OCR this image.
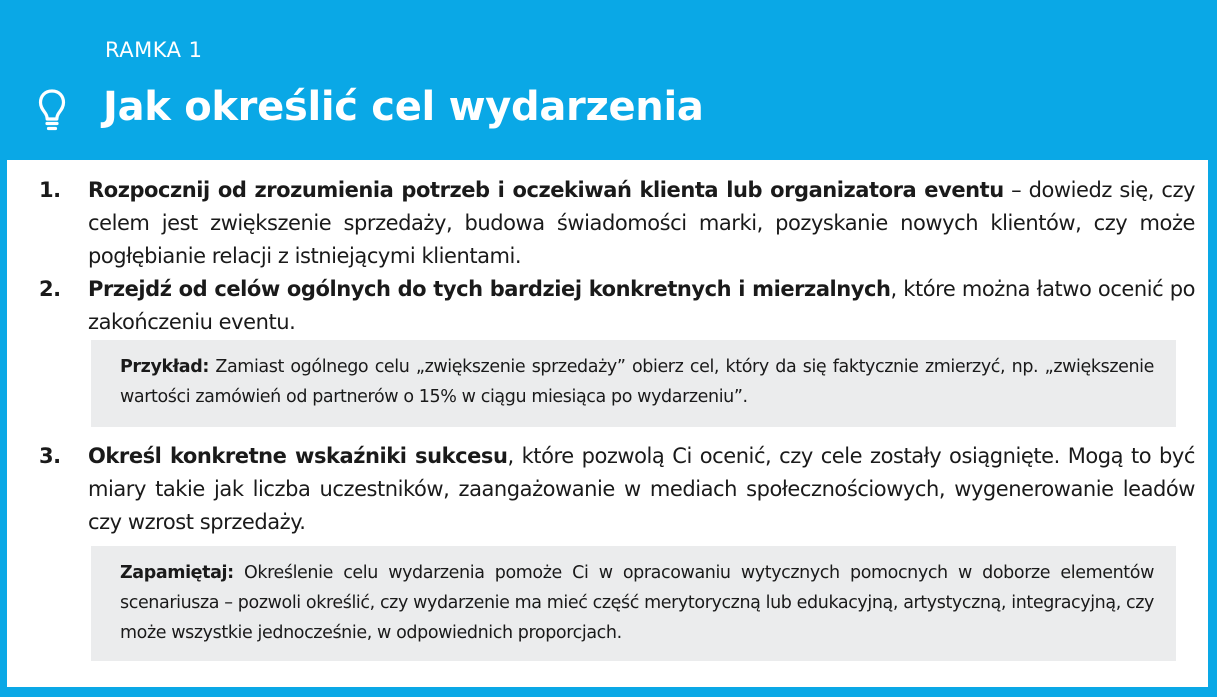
RAMKA 1
Jak określić cel wydarzenia
1.	Rozpocznij od zrozumienia potrzeb i oczekiwań klienta lub organizatora eventu – dowiedz się, czy celem jest zwiększenie sprzedaży, budowa świadomości marki, pozyskanie nowych klientów, czy może pogłębianie relacji z istniejącymi klientami.
2.	Przejdź od celów ogólnych do tych bardziej konkretnych i mierzalnych, które można łatwo ocenić po zakończeniu eventu.
Przykład: Zamiast ogólnego celu „zwiększenie sprzedaży” obierz cel, który da się faktycznie zmierzyć, np. „zwiększenie wartości zamówień od partnerów o 15% w ciągu miesiąca po wydarzeniu”.
3.	Określ konkretne wskaźniki sukcesu, które pozwolą Ci ocenić, czy cele zostały osiągnięte. Mogą to być miary takie jak liczba uczestników, zaangażowanie w mediach społecznościowych, wygenerowanie leadów czy wzrost sprzedaży.
Zapamiętaj: Określenie celu wydarzenia pomoże Ci w opracowaniu wytycznych pomocnych w doborze elementów scenariusza – pozwoli określić, czy wydarzenie ma mieć część merytoryczną lub edukacyjną, artystyczną, integracyjną, czy może wszystkie jednocześnie, w odpowiednich proporcjach.
